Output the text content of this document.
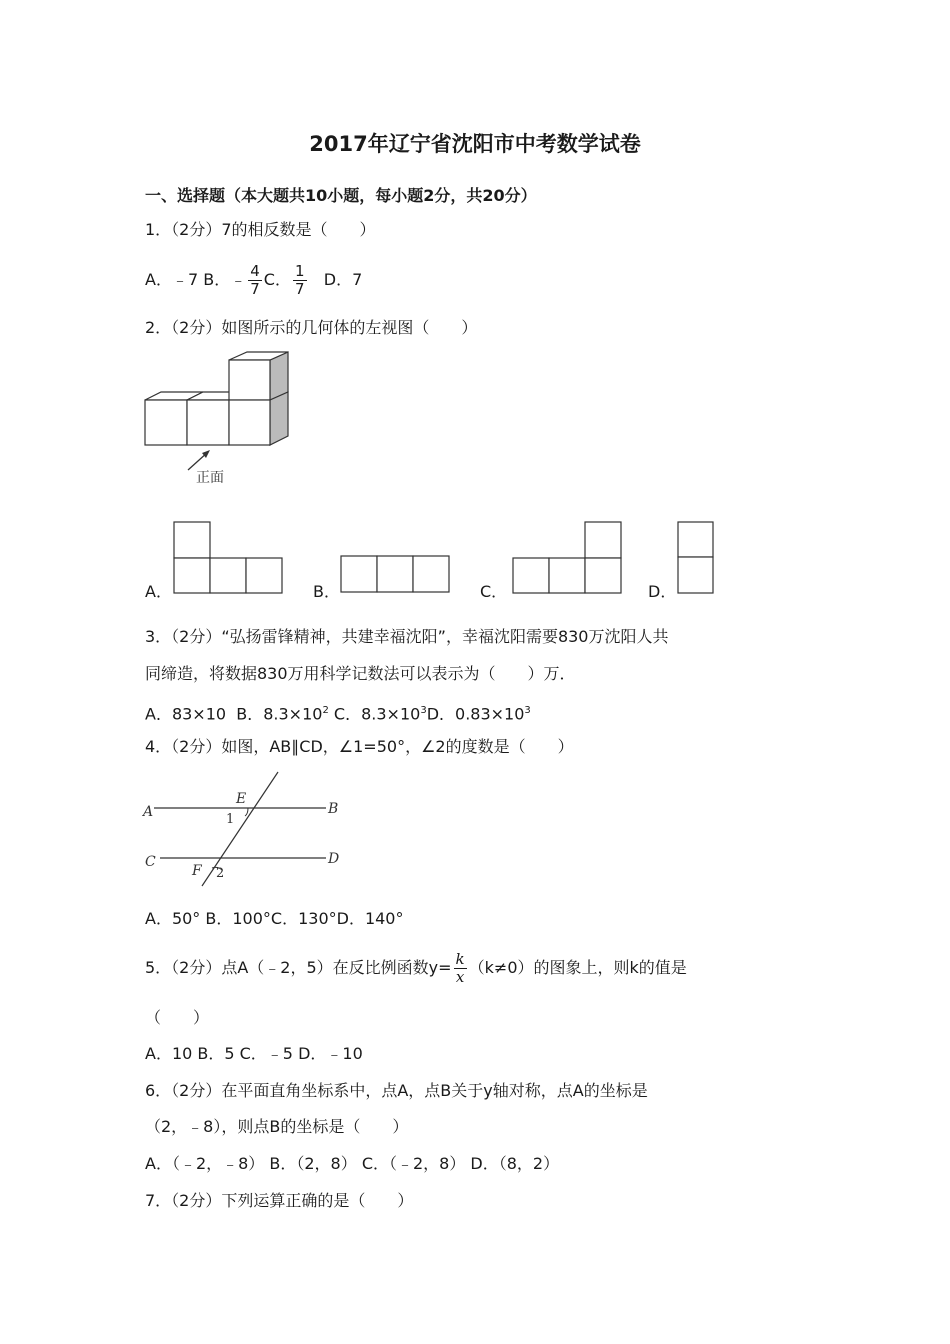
2017年辽宁省沈阳市中考数学试卷
一、选择题（本大题共10小题，每小题2分，共20分）
1．（2分）7的相反数是（　　）
A．﹣7 B．﹣ $\frac{4}{7}$ C． $\frac{1}{7}$ D．7
2．（2分）如图所示的几何体的左视图（　　）
正面
A．	B．	C．	D．
3．（2分）“弘扬雷锋精神，共建幸福沈阳”，幸福沈阳需要830万沈阳人共
同缔造，将数据830万用科学记数法可以表示为（　　）万．
A．83×10 B．$8.3\times 10^2$ C．$8.3\times 10^3D$．$0.83\times 10^3$
4．（2分）如图，AB∥CD，∠1=50°，∠2的度数是（　　）
A	B
C	D
E
F
1
2
A．50° B．100°C．130°D．140°
5．（2分）点A（﹣2，5）在反比例函数$y= \frac{k}{x} (k\ne 0)$的图象上，则k的值是
（　　）
A．10 B．5 C．﹣5 D．﹣10
6．（2分）在平面直角坐标系中，点A，点B关于y轴对称，点A的坐标是
（2，﹣8），则点B的坐标是（　　）
A．（﹣2，﹣8） B．（2，8） C．（﹣2，8） D．（8，2）
7．（2分）下列运算正确的是（　　）
